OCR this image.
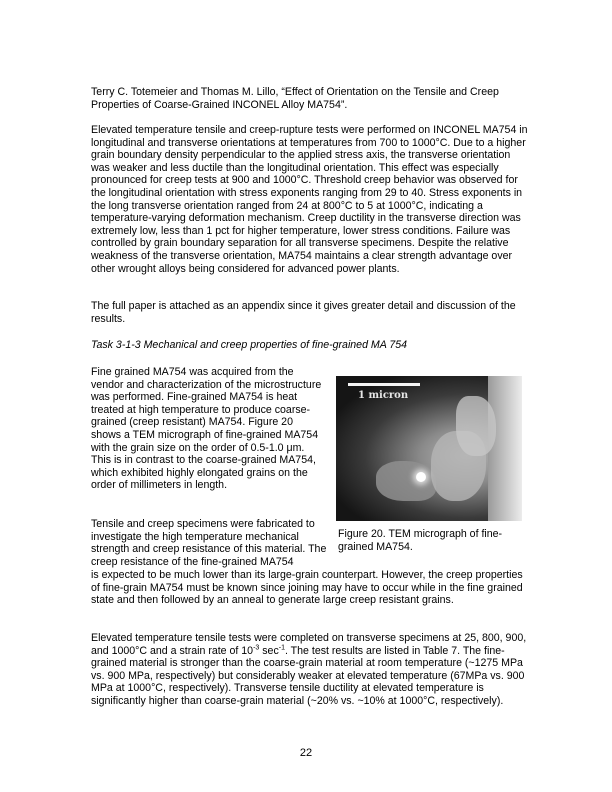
Terry C. Totemeier and Thomas M. Lillo, “Effect of Orientation on the Tensile and Creep Properties of Coarse-Grained INCONEL Alloy MA754”.

Elevated temperature tensile and creep-rupture tests were performed on INCONEL MA754 in longitudinal and transverse orientations at temperatures from 700 to 1000°C. Due to a higher grain boundary density perpendicular to the applied stress axis, the transverse orientation was weaker and less ductile than the longitudinal orientation. This effect was especially pronounced for creep tests at 900 and 1000°C. Threshold creep behavior was observed for the longitudinal orientation with stress exponents ranging from 29 to 40. Stress exponents in the long transverse orientation ranged from 24 at 800°C to 5 at 1000°C, indicating a temperature-varying deformation mechanism. Creep ductility in the transverse direction was extremely low, less than 1 pct for higher temperature, lower stress conditions. Failure was controlled by grain boundary separation for all transverse specimens. Despite the relative weakness of the transverse orientation, MA754 maintains a clear strength advantage over other wrought alloys being considered for advanced power plants.

The full paper is attached as an appendix since it gives greater detail and discussion of the results.

Task 3-1-3 Mechanical and creep properties of fine-grained MA 754

Fine grained MA754 was acquired from the vendor and characterization of the microstructure was performed. Fine-grained MA754 is heat treated at high temperature to produce coarse-grained (creep resistant) MA754. Figure 20 shows a TEM micrograph of fine-grained MA754 with the grain size on the order of 0.5-1.0 μm. This is in contrast to the coarse-grained MA754, which exhibited highly elongated grains on the order of millimeters in length.

1 micron
Figure 20. TEM micrograph of fine-grained MA754.

Tensile and creep specimens were fabricated to investigate the high temperature mechanical strength and creep resistance of this material. The creep resistance of the fine-grained MA754

is expected to be much lower than its large-grain counterpart. However, the creep properties of fine-grain MA754 must be known since joining may have to occur while in the fine grained state and then followed by an anneal to generate large creep resistant grains.

Elevated temperature tensile tests were completed on transverse specimens at 25, 800, 900, and 1000°C and a strain rate of $10^{-3}$ $\sec^{-1}$. The test results are listed in Table 7. The fine-grained material is stronger than the coarse-grain material at room temperature (~1275 MPa vs. 900 MPa, respectively) but considerably weaker at elevated temperature (67MPa vs. 900 MPa at 1000°C, respectively). Transverse tensile ductility at elevated temperature is significantly higher than coarse-grain material (~20% vs. ~10% at 1000°C, respectively).

22
